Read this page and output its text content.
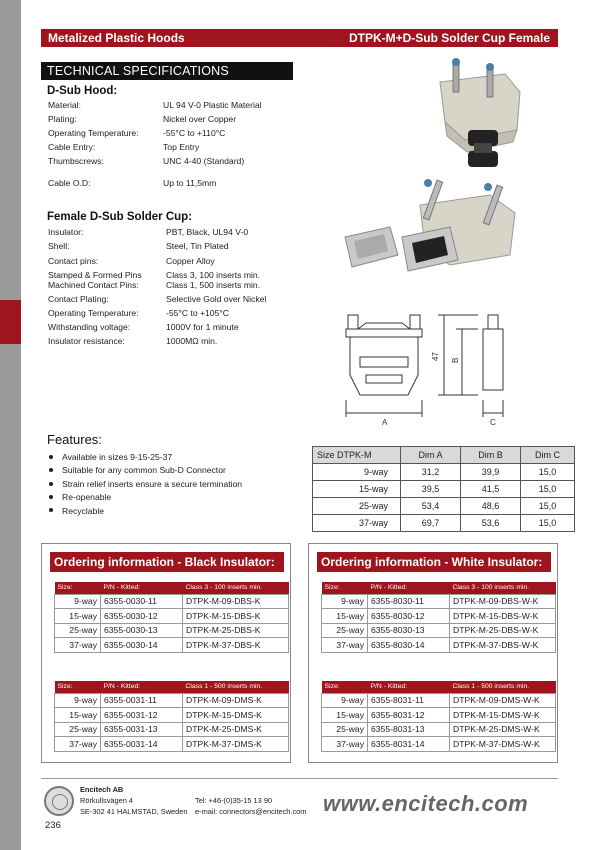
Metalized Plastic Hoods	DTPK-M+D-Sub Solder Cup Female
TECHNICAL SPECIFICATIONS
D-Sub Hood:
Material:	UL 94 V-0 Plastic Material
Plating:	Nickel over Copper
Operating Temperature:	-55°C to +110°C
Cable Entry:	Top Entry
Thumbscrews:	UNC 4-40 (Standard)
Cable O.D:	Up to 11,5mm
Female D-Sub Solder Cup:
Insulator:	PBT, Black, UL94 V-0
Shell:	Steel, Tin Plated
Contact pins:	Copper Alloy
Stamped & Formed Pins	Class 3, 100 inserts min.
Machined Contact Pins:	Class 1, 500 inserts min.
Contact Plating:	Selective Gold over Nickel
Operating Temperature:	-55°C to +105°C
Withstanding voltage:	1000V for 1 minute
Insulator resistance:	1000MΩ min.
A	C
47 B
Features:
Available in sizes 9-15-25-37
Suitable for any common Sub-D Connector
Strain relief inserts ensure a secure termination
Re-openable
Recyclable
Size DTPK-M	Dim A	Dim B	Dim C
9-way	31,2	39,9	15,0
15-way	39,5	41,5	15,0
25-way	53,4	48,6	15,0
37-way	69,7	53,6	15,0
Ordering information - Black Insulator:
Size:	P/N - Kitted:	Class 3 - 100 inserts min.
9-way	6355-0030-11	DTPK-M-09-DBS-K
15-way	6355-0030-12	DTPK-M-15-DBS-K
25-way	6355-0030-13	DTPK-M-25-DBS-K
37-way	6355-0030-14	DTPK-M-37-DBS-K
Size:	P/N - Kitted:	Class 1 - 500 inserts min.
9-way	6355-0031-11	DTPK-M-09-DMS-K
15-way	6355-0031-12	DTPK-M-15-DMS-K
25-way	6355-0031-13	DTPK-M-25-DMS-K
37-way	6355-0031-14	DTPK-M-37-DMS-K
Ordering information - White Insulator:
Size:	P/N - Kitted:	Class 3 - 100 inserts min.
9-way	6355-8030-11	DTPK-M-09-DBS-W-K
15-way	6355-8030-12	DTPK-M-15-DBS-W-K
25-way	6355-8030-13	DTPK-M-25-DBS-W-K
37-way	6355-8030-14	DTPK-M-37-DBS-W-K
Size:	P/N - Kitted:	Class 1 - 500 inserts min.
9-way	6355-8031-11	DTPK-M-09-DMS-W-K
15-way	6355-8031-12	DTPK-M-15-DMS-W-K
25-way	6355-8031-13	DTPK-M-25-DMS-W-K
37-way	6355-8031-14	DTPK-M-37-DMS-W-K
Encitech AB
Rörkullsvägen 4
SE-302 41 HALMSTAD, Sweden
Tel: +46-(0)35-15 13 90
e-mail: connectors@encitech.com www.encitech.com
236
